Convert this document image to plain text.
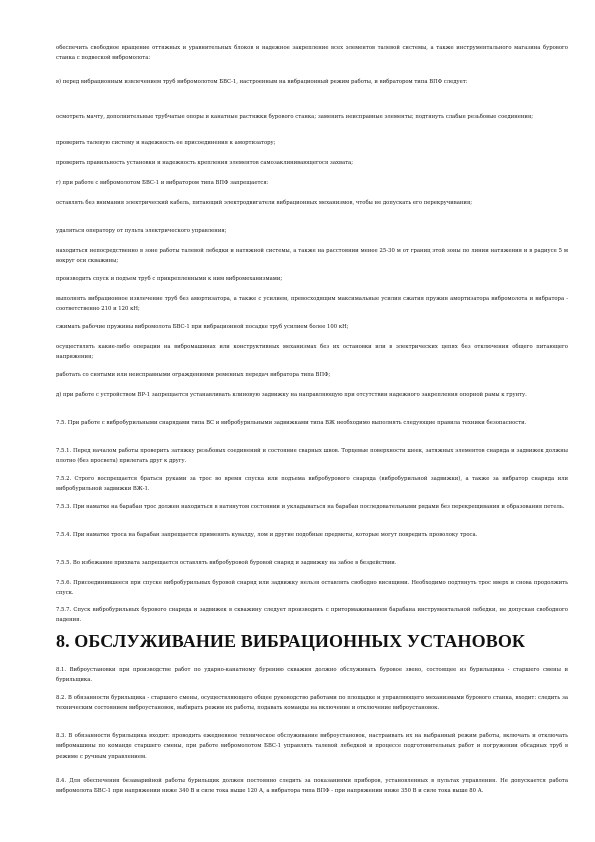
обеспечить свободное вращение оттяжных и уравнительных блоков и надежное закрепление всех элементов талевой системы, а также инструментального магазина бурового станка с подвеской вибромолота:

в) перед вибрационным извлечением труб вибромолотом БВС-1, настроенным на вибрационный режим работы, и вибратором типа ВПФ следует:

осмотреть мачту, дополнительные трубчатые опоры и канатные растяжки бурового станка; заменить неисправные элементы; подтянуть слабые резьбовые соединения;

проверить талевую систему и надежность ее присоединения к амортизатору;

проверить правильность установки и надежность крепления элементов самозаклинивающегося захвата;

г) при работе с вибромолотом БВС-1 и вибратором типа ВПФ запрещается:

оставлять без внимания электрический кабель, питающий электродвигатели вибрационных механизмов, чтобы не допускать его перекручивания;

удаляться оператору от пульта электрического управления;

находиться непосредственно в зоне работы талевой лебедки и натяжной системы, а также на расстоянии менее 25-30 м от границ этой зоны по линии натяжения и в радиусе 5 м вокруг оси скважины;

производить спуск и подъем труб с прикрепленными к ним вибромеханизмами;

выполнять вибрационное извлечение труб без амортизатора, а также с усилием, превосходящим максимальные усилия сжатия пружин амортизатора вибромолота и вибратора - соответственно 210 и 120 кН;

сжимать рабочие пружины вибромолота БВС-1 при вибрационной посадке труб усилием более 100 кН;

осуществлять какие-либо операции на вибромашинах или конструктивных механизмах без их остановки или в электрических цепях без отключения общего питающего напряжения;

работать со снятыми или неисправными ограждениями ременных передач вибратора типа ВПФ;

д) при работе с устройством ВР-1 запрещается устанавливать клиновую задвижку на направляющую при отсутствии надежного закрепления опорной рамы к грунту.

7.5. При работе с вибробурильными снарядами типа ВС и вибробурильными задвижками типа ВЖ необходимо выполнять следующие правила техники безопасности.

7.5.1. Перед началом работы проверить затяжку резьбовых соединений и состояние сварных швов. Торцевые поверхности шеек, затяжных элементов снаряда и задвижек должны плотно (без просвета) прилегать друг к другу.

7.5.2. Строго воспрещается браться руками за трос во время спуска или подъема вибробурового снаряда (вибробурильной задвижки), а также за вибратор снаряда или вибробурильной задвижки ВЖ-1.

7.5.3. При наматке на барабан трос должен находиться в натянутом состоянии и укладываться на барабан последовательными рядами без перекрещивания и образования петель.

7.5.4. При наматке троса на барабан запрещается применять кувалду, лом и другие подобные предметы, которые могут повредить проволоку троса.

7.5.5. Во избежание прихвата запрещается оставлять вибробуровой буровой снаряд и задвижку на забое в бездействии.

7.5.6. Присоединившееся при спуске вибробурильных буровой снаряд или задвижку нельзя оставлять свободно висящими. Необходимо подтянуть трос вверх и снова продолжить спуск.

7.5.7. Спуск вибробурильных бурового снаряда и задвижек в скважину следует производить с притормаживанием барабана инструментальной лебедки, не допуская свободного падения.

8. ОБСЛУЖИВАНИЕ ВИБРАЦИОННЫХ УСТАНОВОК

8.1. Виброустановки при производстве работ по ударно-канатному бурению скважин должно обслуживать буровое звено, состоящее из бурильщика - старшего смены и бурильщика.

8.2. В обязанности бурильщика - старшего смены, осуществляющего общее руководство работами по площадке и управляющего механизмами бурового станка, входит: следить за техническим состоянием виброустановок, выбирать режим их работы, подавать команды на включение и отключение виброустановок.

8.3. В обязанности бурильщика входит: проводить ежедневное техническое обслуживание виброустановок, настраивать их на выбранный режим работы, включать и отключать вибромашины по команде старшего смены, при работе вибромолотом БВС-1 управлять талевой лебедкой и процессе подготовительных работ и погружении обсадных труб в режиме с ручным управлением.

8.4. Для обеспечения безаварийной работы бурильщик должен постоянно следить за показаниями приборов, установленных в пультах управления. Не допускается работа вибромолота БВС-1 при напряжении ниже 340 В и силе тока выше 120 А, а вибратора типа ВПФ - при напряжении ниже 350 В и силе тока выше 80 А.
